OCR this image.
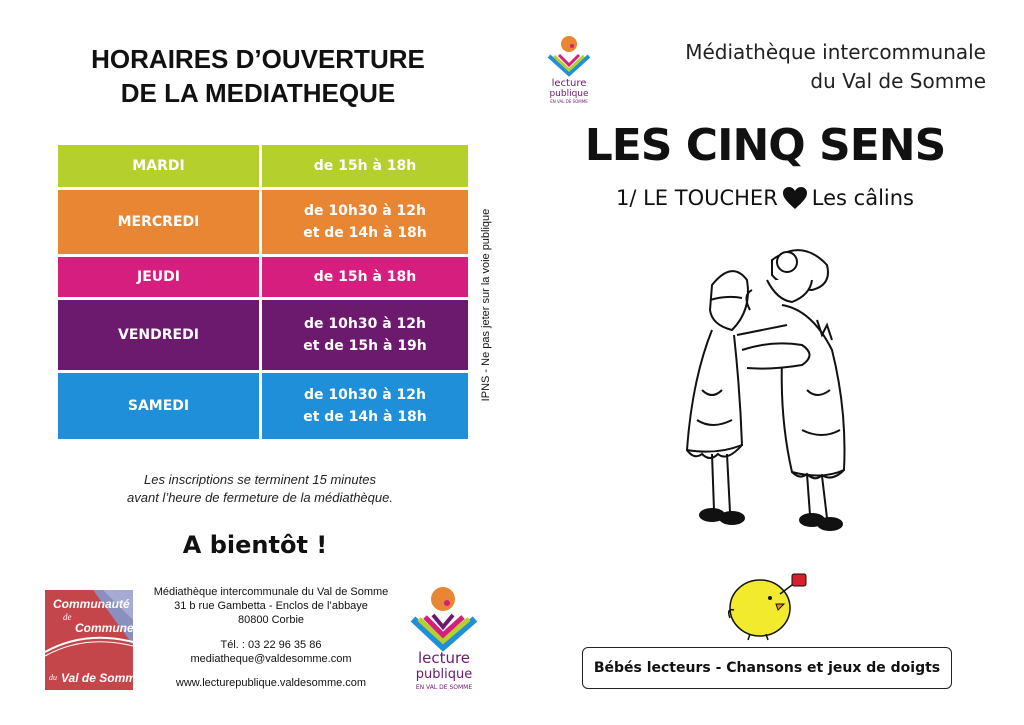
HORAIRES D’OUVERTURE
DE LA MEDIATHEQUE
MARDI	de 15h à 18h
MERCREDI
de 10h30 à 12h
et de 14h à 18h
JEUDI	de 15h à 18h
VENDREDI
de 10h30 à 12h
et de 15h à 19h
SAMEDI
de 10h30 à 12h
et de 14h à 18h
Les inscriptions se terminent 15 minutes
avant l’heure de fermeture de la médiathèque.
A bientôt !
Communauté
de
Communes
du Val de Somme
Médiathèque intercommunale du Val de Somme
31 b rue Gambetta - Enclos de l’abbaye
80800 Corbie
Tél. : 03 22 96 35 86
mediatheque@valdesomme.com
www.lecturepublique.valdesomme.com
lecture
publique
EN VAL DE SOMME
IPNS - Ne pas jeter sur la voie publique
lecture
publique
EN VAL DE SOMME
Médiathèque intercommunale
du Val de Somme
LES CINQ SENS
1/ LE TOUCHER Les câlins
Bébés lecteurs - Chansons et jeux de doigts
